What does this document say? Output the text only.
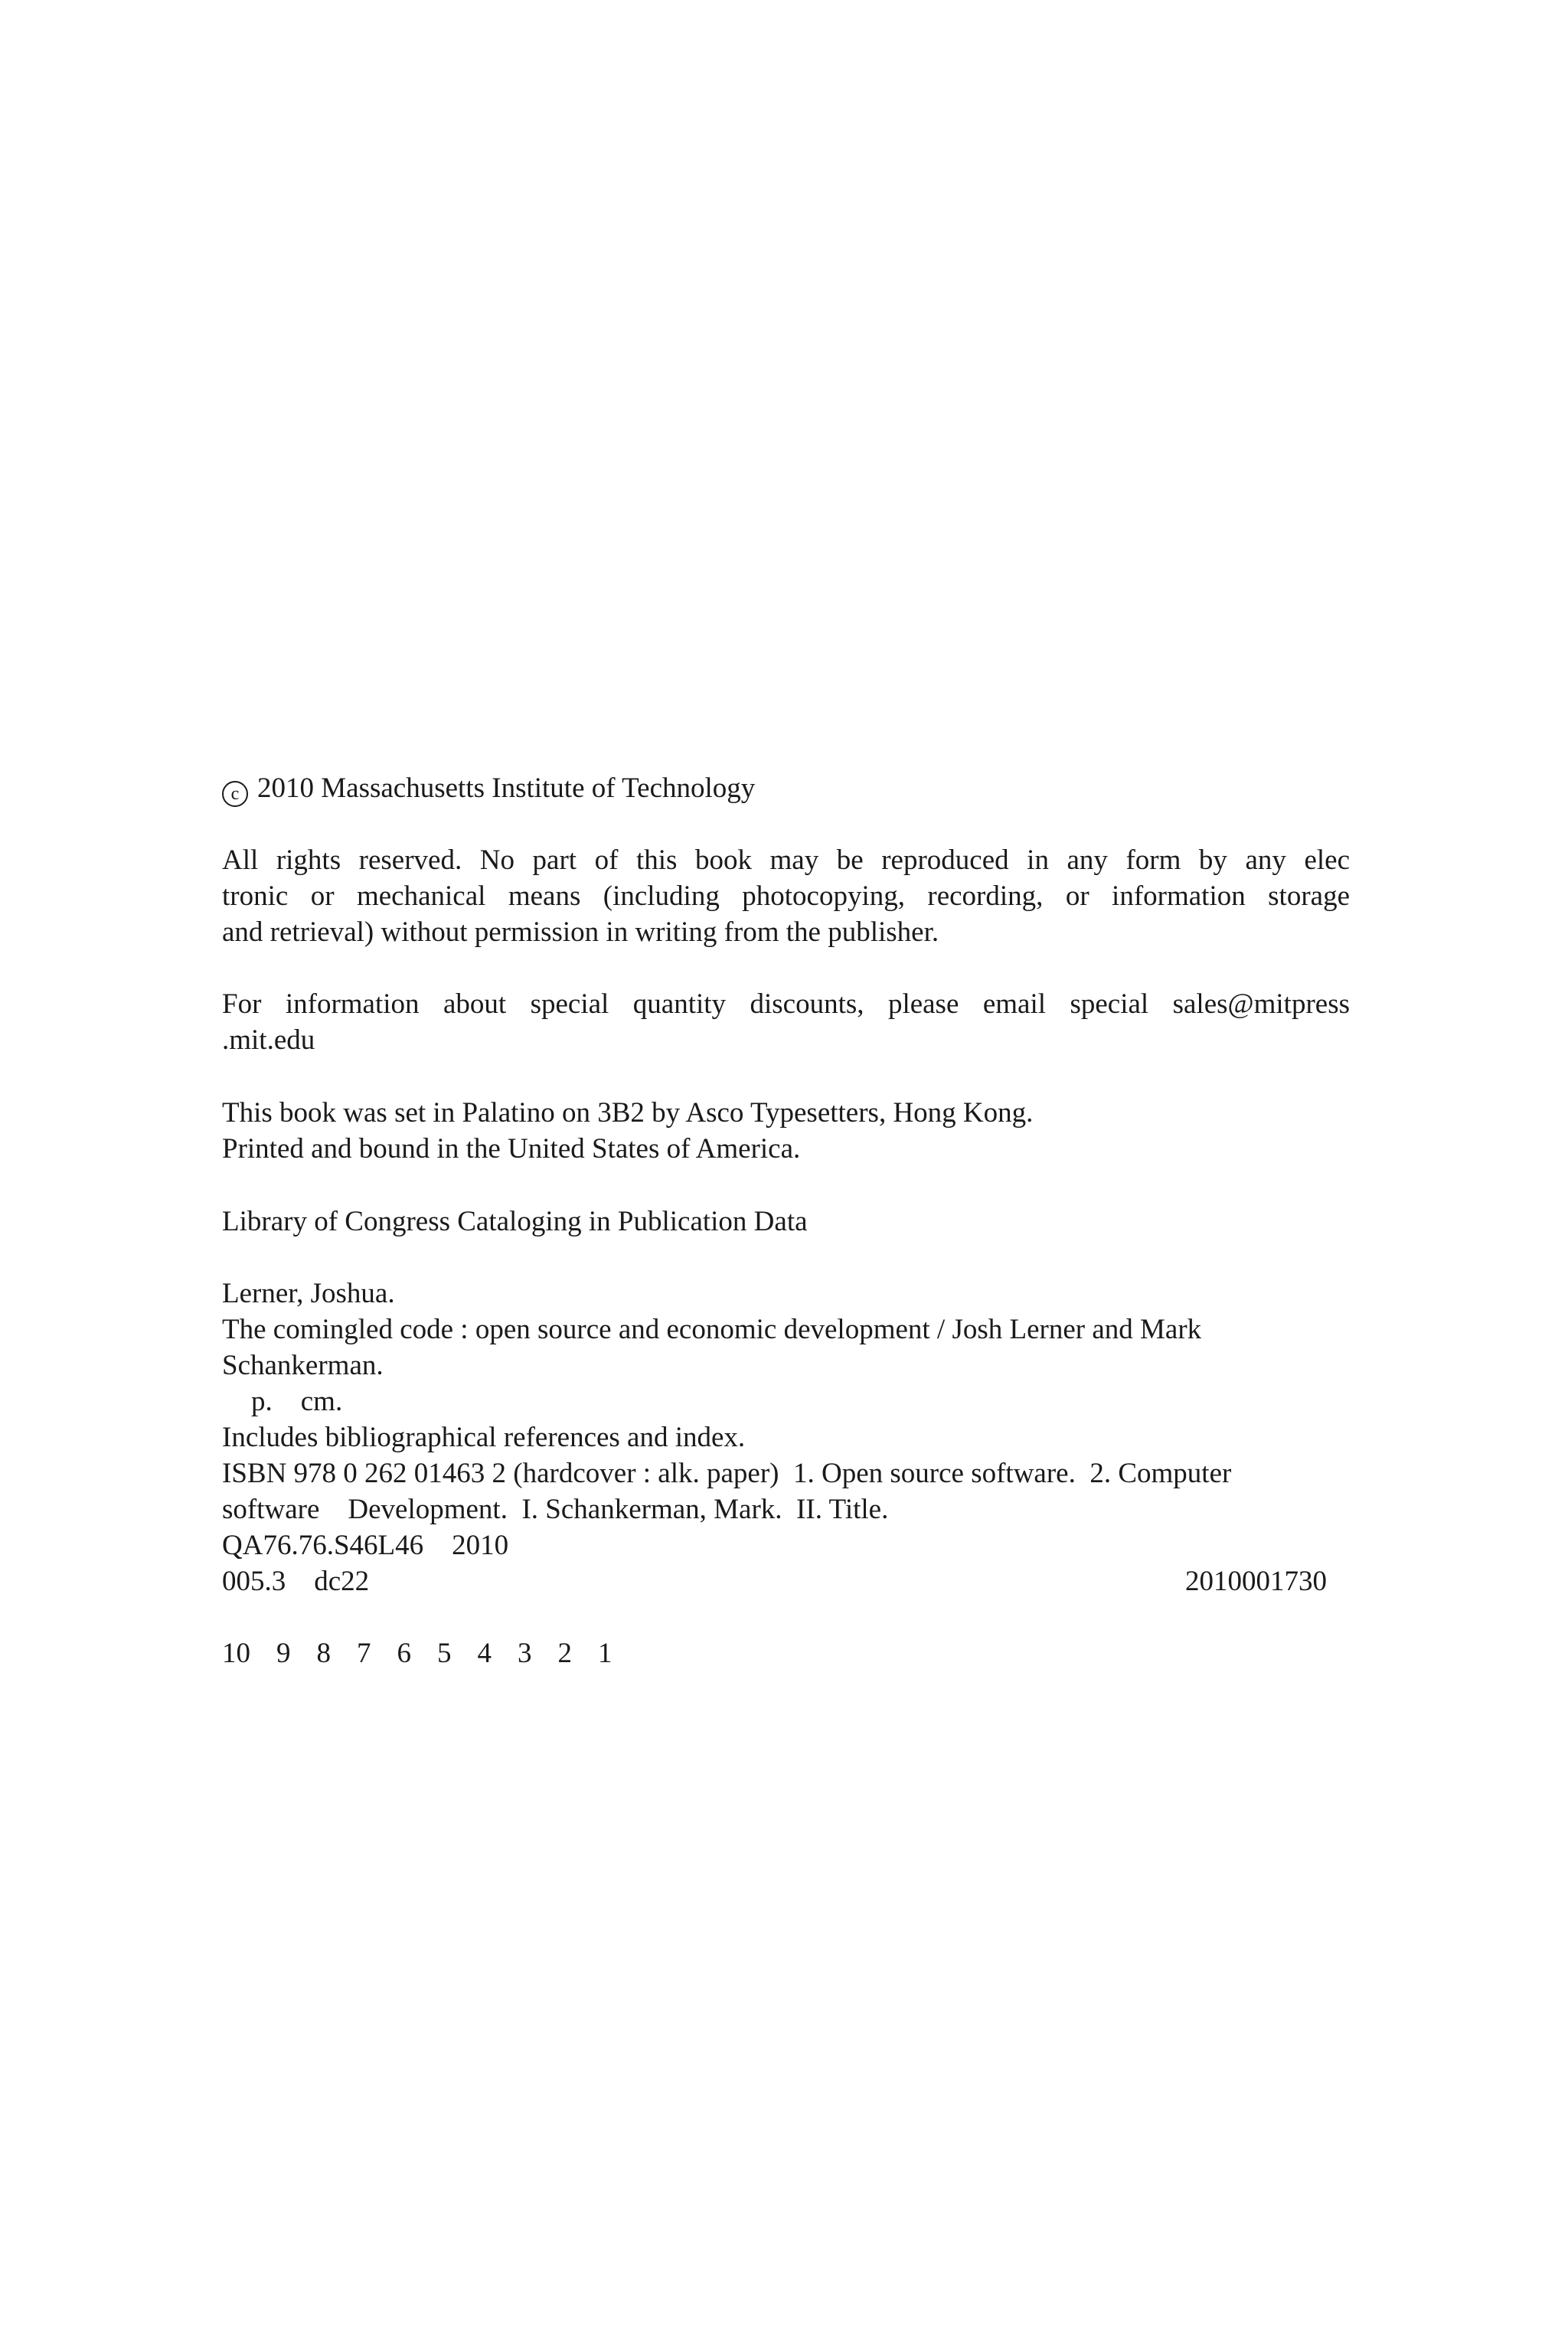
c 2010 Massachusetts Institute of Technology
All rights reserved. No part of this book may be reproduced in any form by any elec
tronic or mechanical means (including photocopying, recording, or information storage
and retrieval) without permission in writing from the publisher.
For information about special quantity discounts, please email special sales@mitpress
.mit.edu
This book was set in Palatino on 3B2 by Asco Typesetters, Hong Kong.
Printed and bound in the United States of America.
Library of Congress Cataloging in Publication Data
Lerner, Joshua.
The comingled code : open source and economic development / Josh Lerner and Mark
Schankerman.
p.    cm.
Includes bibliographical references and index.
ISBN 978 0 262 01463 2 (hardcover : alk. paper)  1. Open source software.  2. Computer
software    Development.  I. Schankerman, Mark.  II. Title.
QA76.76.S46L46    2010
005.3    dc22	2010001730
10 9 8 7 6 5 4 3 2 1
